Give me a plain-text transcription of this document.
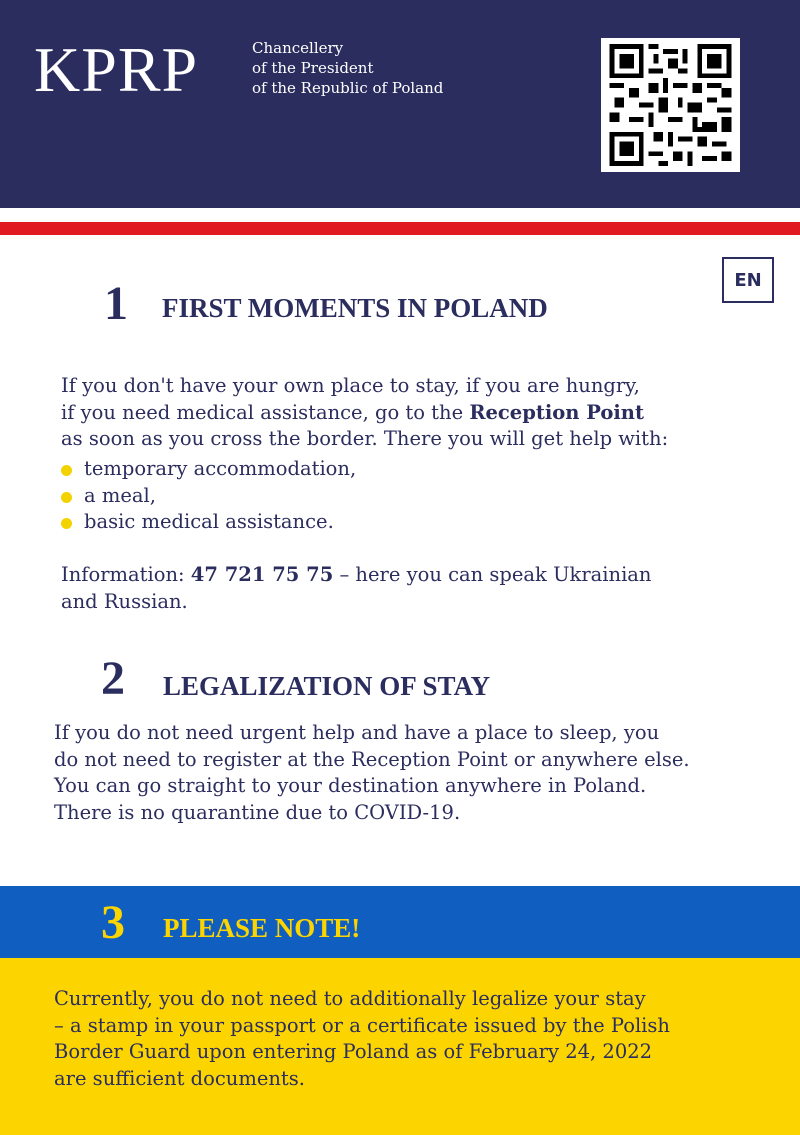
KPRP	Chancellery
of the President
of the Republic of Poland
EN
1 FIRST MOMENTS IN POLAND
If you don't have your own place to stay, if you are hungry,
if you need medical assistance, go to the Reception Point
as soon as you cross the border. There you will get help with:
temporary accommodation,
a meal,
basic medical assistance.
Information: 47 721 75 75 – here you can speak Ukrainian
and Russian.
2 LEGALIZATION OF STAY
If you do not need urgent help and have a place to sleep, you
do not need to register at the Reception Point or anywhere else.
You can go straight to your destination anywhere in Poland.
There is no quarantine due to COVID-19.
3 PLEASE NOTE!
Currently, you do not need to additionally legalize your stay
– a stamp in your passport or a certificate issued by the Polish
Border Guard upon entering Poland as of February 24, 2022
are sufficient documents.
